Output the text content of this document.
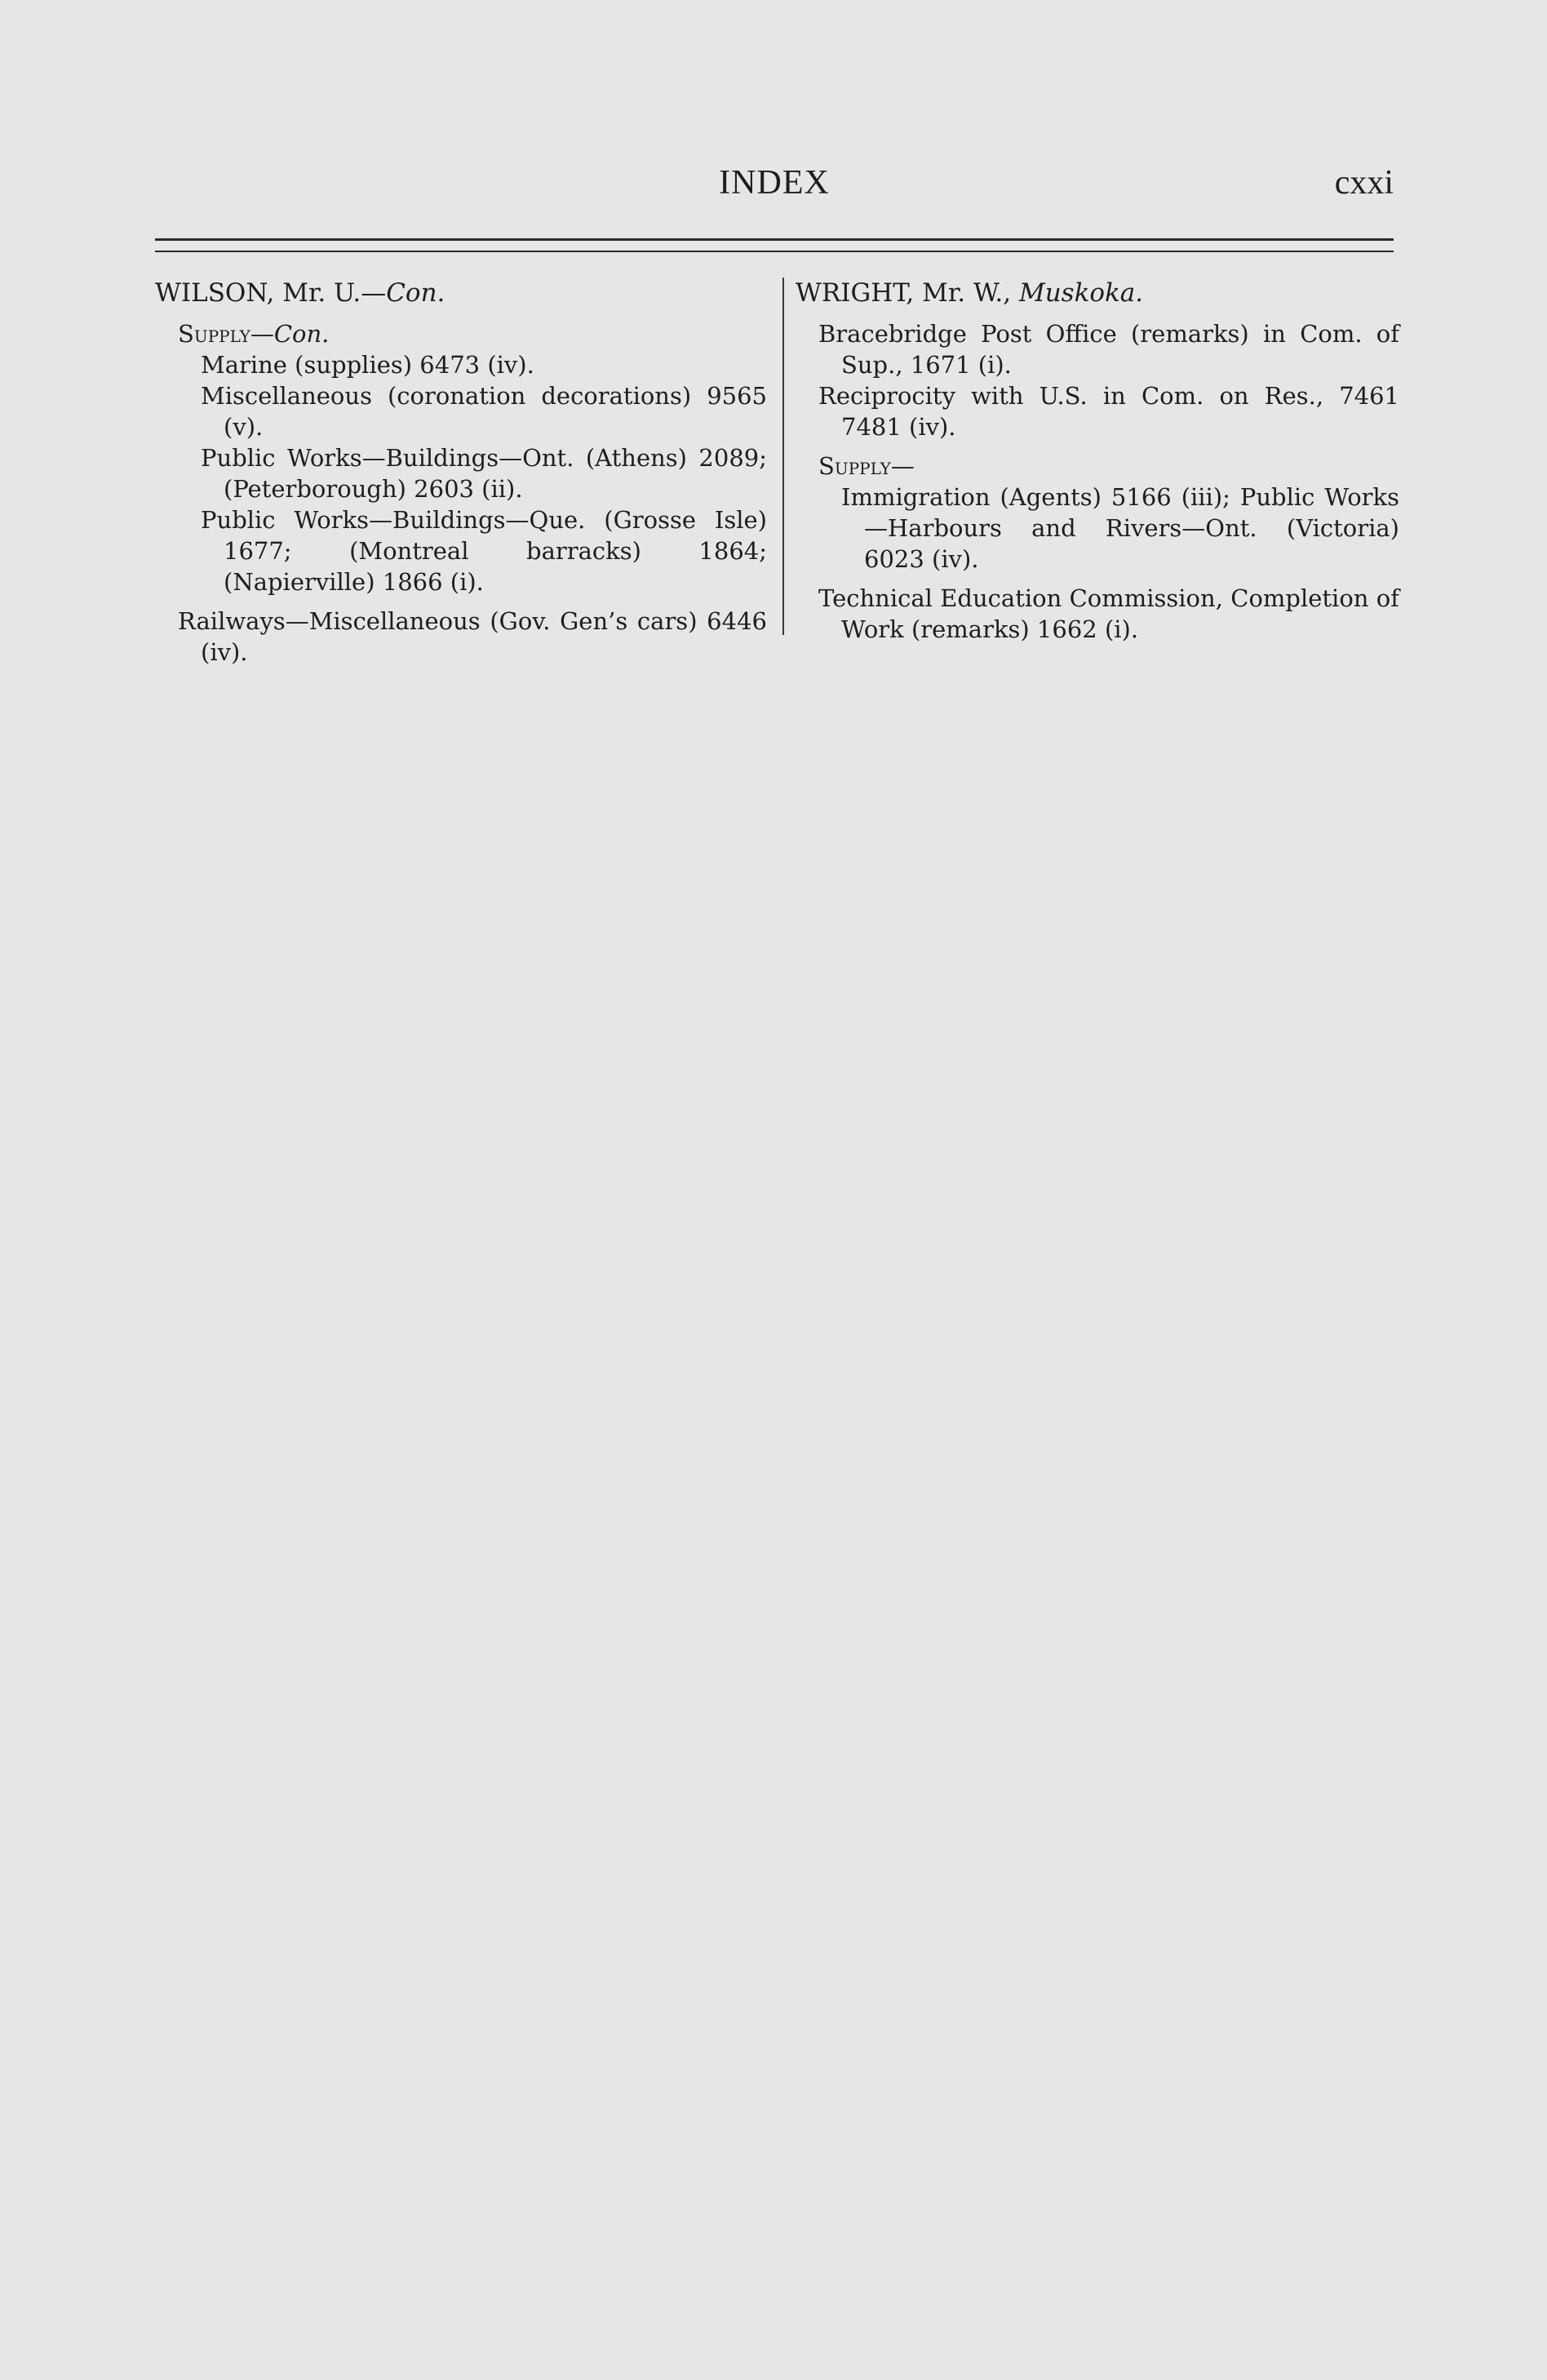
INDEX	cxxi

WILSON, Mr. U.—Con.

Supply—Con.

Marine (supplies) 6473 (iv).

Miscellaneous (coronation decorations) 9565 (v).

Public Works—Buildings—Ont. (Athens) 2089; (Peterborough) 2603 (ii).

Public Works—Buildings—Que. (Grosse Isle) 1677; (Montreal barracks) 1864; (Napierville) 1866 (i).

Railways—Miscellaneous (Gov. Gen’s cars) 6446 (iv).

WRIGHT, Mr. W., Muskoka.

Bracebridge Post Office (remarks) in Com. of Sup., 1671 (i).

Reciprocity with U.S. in Com. on Res., 7461 7481 (iv).

Supply—

Immigration (Agents) 5166 (iii); Public Works—Harbours and Rivers—Ont. (Victoria) 6023 (iv).

Technical Education Commission, Completion of Work (remarks) 1662 (i).
